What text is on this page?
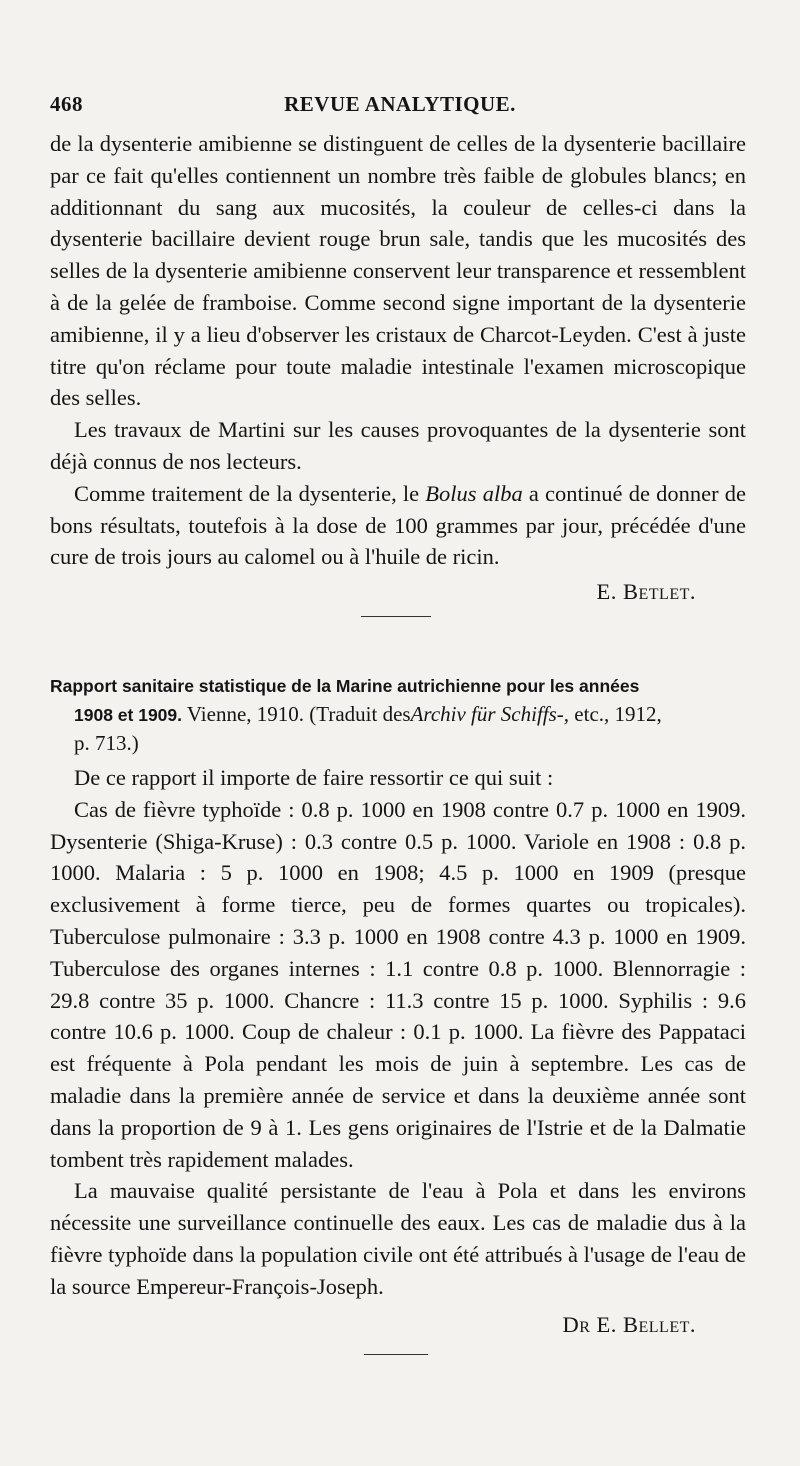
468	REVUE ANALYTIQUE.

de la dysenterie amibienne se distinguent de celles de la dysenterie bacillaire par ce fait qu'elles contiennent un nombre très faible de globules blancs; en additionnant du sang aux mucosités, la couleur de celles-ci dans la dysenterie bacillaire devient rouge brun sale, tandis que les mucosités des selles de la dysenterie amibienne conservent leur transparence et ressemblent à de la gelée de framboise. Comme second signe important de la dysenterie amibienne, il y a lieu d'observer les cristaux de Charcot-Leyden. C'est à juste titre qu'on réclame pour toute maladie intestinale l'examen microscopique des selles.

Les travaux de Martini sur les causes provoquantes de la dysenterie sont déjà connus de nos lecteurs.

Comme traitement de la dysenterie, le Bolus alba a continué de donner de bons résultats, toutefois à la dose de 100 grammes par jour, précédée d'une cure de trois jours au calomel ou à l'huile de ricin.

E. Betlet.
Rapport sanitaire statistique de la Marine autrichienne pour les années
1908 et 1909. Vienne, 1910. (Traduit desArchiv für Schiffs-, etc., 1912,
p. 713.)

De ce rapport il importe de faire ressortir ce qui suit :

Cas de fièvre typhoïde : 0.8 p. 1000 en 1908 contre 0.7 p. 1000 en 1909. Dysenterie (Shiga-Kruse) : 0.3 contre 0.5 p. 1000. Variole en 1908 : 0.8 p. 1000. Malaria : 5 p. 1000 en 1908; 4.5 p. 1000 en 1909 (presque exclusivement à forme tierce, peu de formes quartes ou tropicales). Tuberculose pulmonaire : 3.3 p. 1000 en 1908 contre 4.3 p. 1000 en 1909. Tuberculose des organes internes : 1.1 contre 0.8 p. 1000. Blennorragie : 29.8 contre 35 p. 1000. Chancre : 11.3 contre 15 p. 1000. Syphilis : 9.6 contre 10.6 p. 1000. Coup de chaleur : 0.1 p. 1000. La fièvre des Pappataci est fréquente à Pola pendant les mois de juin à septembre. Les cas de maladie dans la première année de service et dans la deuxième année sont dans la proportion de 9 à 1. Les gens originaires de l'Istrie et de la Dalmatie tombent très rapidement malades.

La mauvaise qualité persistante de l'eau à Pola et dans les environs nécessite une surveillance continuelle des eaux. Les cas de maladie dus à la fièvre typhoïde dans la population civile ont été attribués à l'usage de l'eau de la source Empereur-François-Joseph.

Dr E. Bellet.
